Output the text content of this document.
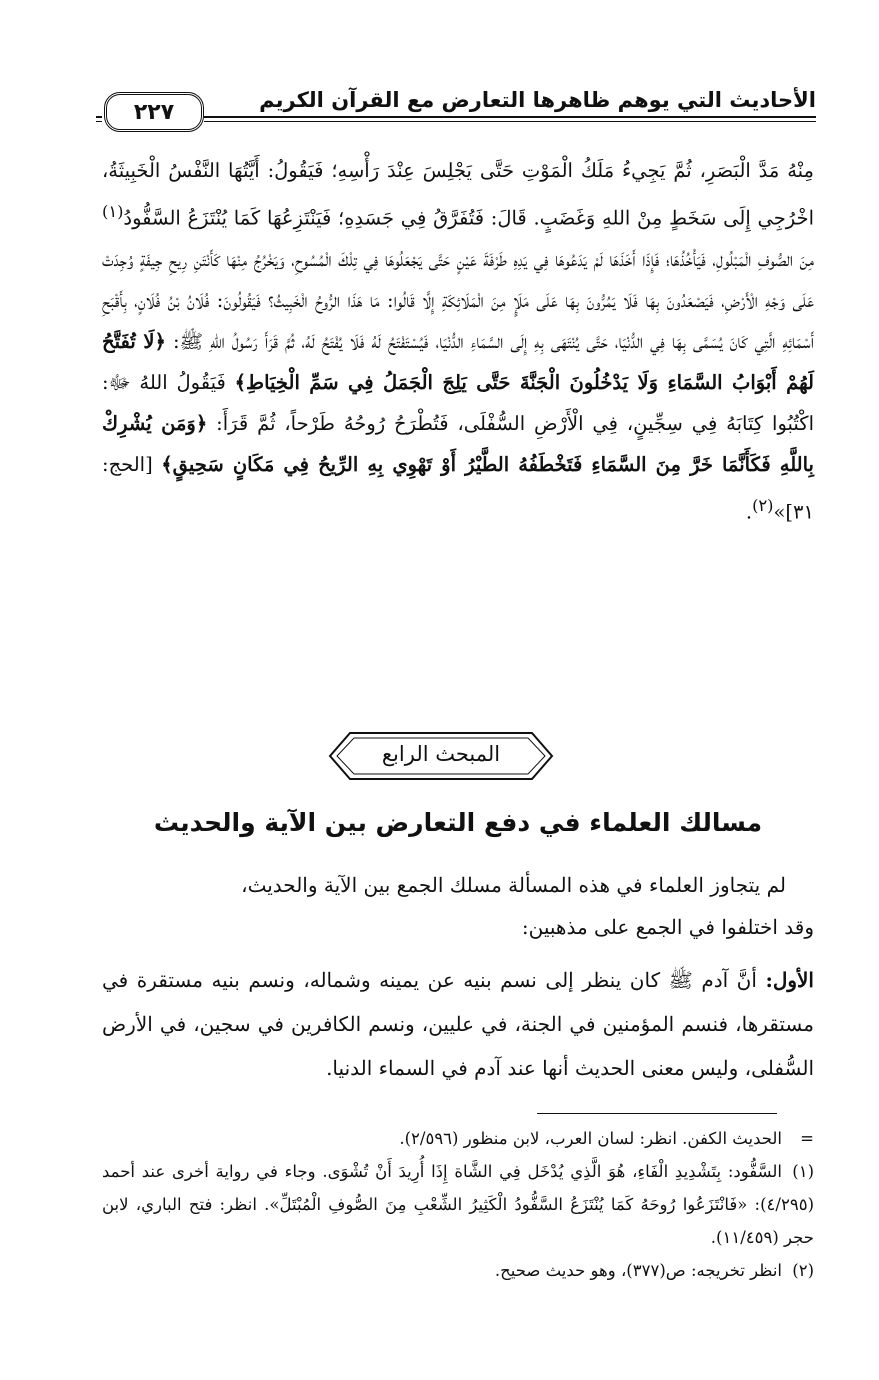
الأحاديث التي يوهم ظاهرها التعارض مع القرآن الكريم
٢٢٧
مِنْهُ مَدَّ الْبَصَرِ، ثُمَّ يَجِيءُ مَلَكُ الْمَوْتِ حَتَّى يَجْلِسَ عِنْدَ رَأْسِهِ؛ فَيَقُولُ: أَيَّتُهَا النَّفْسُ الْخَبِيثَةُ، اخْرُجِي إِلَى سَخَطٍ مِنْ اللهِ وَغَضَبٍ. قَالَ: فَتُفَرَّقُ فِي جَسَدِهِ؛ فَيَنْتَزِعُهَا كَمَا يُنْتَزَعُ السَّفُّودُ$^{(١)}$ مِنَ الصُّوفِ الْمَبْلُولِ، فَيَأْخُذُهَا؛ فَإِذَا أَخَذَهَا لَمْ يَدَعُوهَا فِي يَدِهِ طَرْفَةَ عَيْنٍ حَتَّى يَجْعَلُوهَا فِي تِلْكَ الْمُسُوحِ، وَيَخْرُجُ مِنْهَا كَأَنْتَنِ رِيحِ جِيفَةٍ وُجِدَتْ عَلَى وَجْهِ الْأَرْضِ، فَيَصْعَدُونَ بِهَا فَلَا يَمُرُّونَ بِهَا عَلَى مَلَإٍ مِنَ الْمَلَائِكَةِ إِلَّا قَالُوا: مَا هَذَا الرُّوحُ الْخَبِيثُ؟ فَيَقُولُونَ: فُلَانُ بْنُ فُلَانٍ، بِأَقْبَحِ أَسْمَائِهِ الَّتِي كَانَ يُسَمَّى بِهَا فِي الدُّنْيَا، حَتَّى يُنْتَهَى بِهِ إِلَى السَّمَاءِ الدُّنْيَا، فَيُسْتَفْتَحُ لَهُ فَلَا يُفْتَحُ لَهُ، ثُمَّ قَرَأَ رَسُولُ اللهِ ﷺ: ﴿لَا تُفَتَّحُ لَهُمْ أَبْوَابُ السَّمَاءِ وَلَا يَدْخُلُونَ الْجَنَّةَ حَتَّى يَلِجَ الْجَمَلُ فِي سَمِّ الْخِيَاطِ﴾ فَيَقُولُ اللهُ ﷻ: اكْتُبُوا كِتَابَهُ فِي سِجِّينٍ، فِي الْأَرْضِ السُّفْلَى، فَتُطْرَحُ رُوحُهُ طَرْحاً، ثُمَّ قَرَأَ: ﴿وَمَن يُشْرِكْ بِاللَّهِ فَكَأَنَّمَا خَرَّ مِنَ السَّمَاءِ فَتَخْطَفُهُ الطَّيْرُ أَوْ تَهْوِي بِهِ الرِّيحُ فِي مَكَانٍ سَحِيقٍ﴾ [الحج: ٣١]»$^{(٢)}$.
المبحث الرابع
مسالك العلماء في دفع التعارض بين الآية والحديث
لم يتجاوز العلماء في هذه المسألة مسلك الجمع بين الآية والحديث،
وقد اختلفوا في الجمع على مذهبين:
الأول: أنَّ آدم ﷺ كان ينظر إلى نسم بنيه عن يمينه وشماله، ونسم بنيه مستقرة في مستقرها، فنسم المؤمنين في الجنة، في عليين، ونسم الكافرين في سجين، في الأرض السُّفلى، وليس معنى الحديث أنها عند آدم في السماء الدنيا.
=الحديث الكفن. انظر: لسان العرب، لابن منظور (٢/٥٩٦).
(١)السَّفُّود: بِتَشْدِيدِ الْفَاءِ، هُوَ الَّذِي يُدْخَل فِي الشَّاة إِذَا أُرِيدَ أَنْ تُشْوَى. وجاء في رواية أخرى عند أحمد (٤/٢٩٥): «فَانْتَزَعُوا رُوحَهُ كَمَا يُنْتَزَعُ السَّفُّودُ الْكَثِيرُ الشِّعْبِ مِنَ الصُّوفِ الْمُبْتَلِّ». انظر: فتح الباري، لابن حجر (١١/٤٥٩).
(٢)انظر تخريجه: ص(٣٧٧)، وهو حديث صحيح.
